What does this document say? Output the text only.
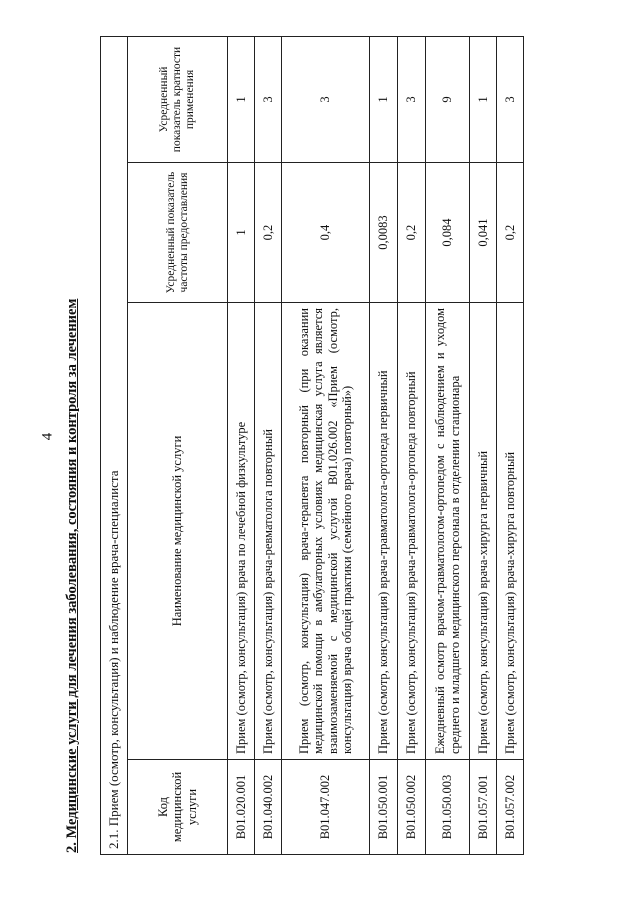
4 2. Медицинские услуги для лечения заболевания, состояния и контроля за лечением 2.1. Прием (осмотр, консультация) и наблюдение врача-специалиста			
Код медицинской услуги	Наименование медицинской услуги	Усредненный показатель частоты предоставления	Усредненный показатель кратности применения
B01.020.001	Прием (осмотр, консультация) врача по лечебной физкультуре	1	1
B01.040.002	Прием (осмотр, консультация) врача-ревматолога повторный	0,2	3
B01.047.002	Прием (осмотр, консультация) врача-терапевта повторный (при оказании медицинской помощи в амбулаторных условиях медицинская услуга является взаимозаменяемой с медицинской услугой B01.026.002 «Прием (осмотр, консультация) врача общей практики (семейного врача) повторный»)	0,4	3
B01.050.001	Прием (осмотр, консультация) врача-травматолога-ортопеда первичный	0,0083	1
B01.050.002	Прием (осмотр, консультация) врача-травматолога-ортопеда повторный	0,2	3
B01.050.003	Ежедневный осмотр врачом-травматологом-ортопедом с наблюдением и уходом среднего и младшего медицинского персонала в отделении стационара	0,084	9
B01.057.001	Прием (осмотр, консультация) врача-хирурга первичный	0,041	1
B01.057.002	Прием (осмотр, консультация) врача-хирурга повторный	0,2	3
